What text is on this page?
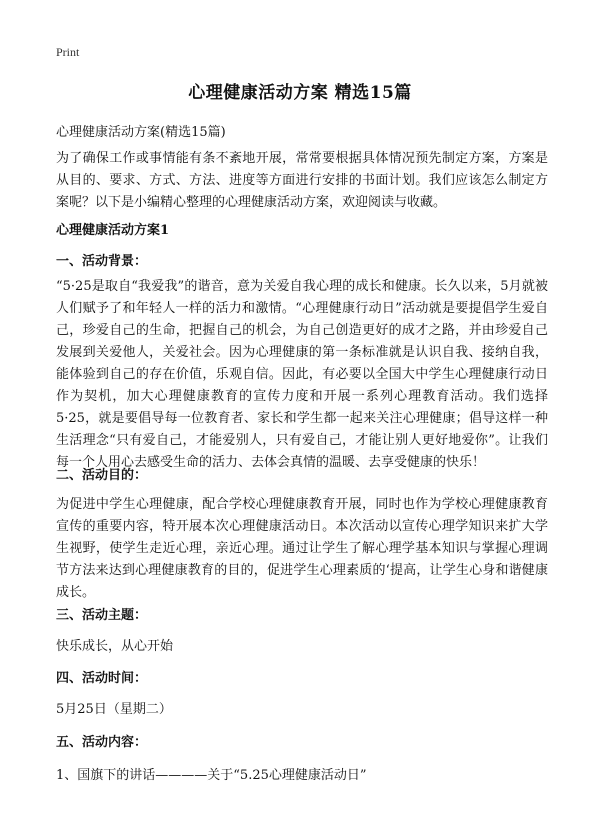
Print
心理健康活动方案 精选15篇
心理健康活动方案(精选15篇)
为了确保工作或事情能有条不紊地开展，常常要根据具体情况预先制定方案，方案是从目的、要求、方式、方法、进度等方面进行安排的书面计划。我们应该怎么制定方案呢？以下是小编精心整理的心理健康活动方案，欢迎阅读与收藏。
心理健康活动方案1
一、活动背景：
“5·25是取自“我爱我”的谐音，意为关爱自我心理的成长和健康。长久以来，5月就被人们赋予了和年轻人一样的活力和激情。“心理健康行动日”活动就是要提倡学生爱自己，珍爱自己的生命，把握自己的机会，为自己创造更好的成才之路，并由珍爱自己发展到关爱他人，关爱社会。因为心理健康的第一条标准就是认识自我、接纳自我，能体验到自己的存在价值，乐观自信。因此，有必要以全国大中学生心理健康行动日作为契机，加大心理健康教育的宣传力度和开展一系列心理教育活动。我们选择5·25，就是要倡导每一位教育者、家长和学生都一起来关注心理健康；倡导这样一种生活理念“只有爱自己，才能爱别人，只有爱自己，才能让别人更好地爱你”。让我们每一个人用心去感受生命的活力、去体会真情的温暖、去享受健康的快乐！
二、活动目的：
为促进中学生心理健康，配合学校心理健康教育开展，同时也作为学校心理健康教育宣传的重要内容，特开展本次心理健康活动日。本次活动以宣传心理学知识来扩大学生视野，使学生走近心理，亲近心理。通过让学生了解心理学基本知识与掌握心理调节方法来达到心理健康教育的目的，促进学生心理素质的‘提高，让学生心身和谐健康成长。
三、活动主题：
快乐成长，从心开始
四、活动时间：
5月25日（星期二）
五、活动内容：
1、国旗下的讲话————关于“5.25心理健康活动日”
